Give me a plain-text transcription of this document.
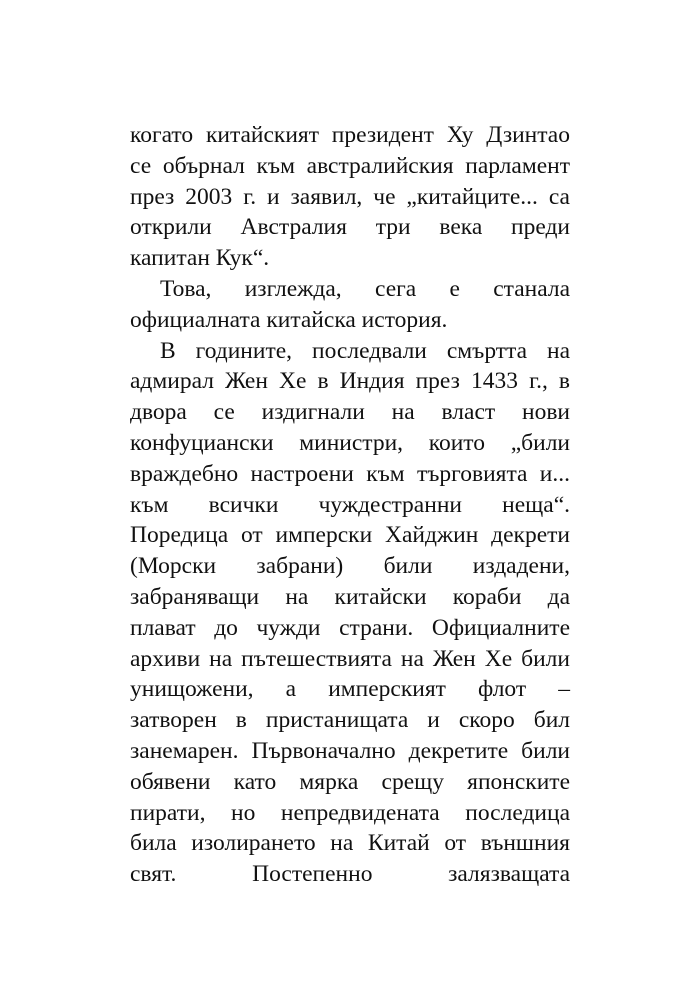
когато китайският президент Ху Дзинтао
се обърнал към австралийския парламент
през 2003 г. и заявил, че „китайците... са
открили Австралия три века преди
капитан Кук“.
Това, изглежда, сега е станала
официалната китайска история.
В годините, последвали смъртта на
адмирал Жен Хе в Индия през 1433 г., в
двора се издигнали на власт нови
конфуциански министри, които „били
враждебно настроени към търговията и...
към всички чуждестранни неща“.
Поредица от имперски Хайджин декрети
(Морски забрани) били издадени,
забраняващи на китайски кораби да
плават до чужди страни. Официалните
архиви на пътешествията на Жен Хе били
унищожени, а имперският флот –
затворен в пристанищата и скоро бил
занемарен. Първоначално декретите били
обявени като мярка срещу японските
пирати, но непредвидената последица
била изолирането на Китай от външния
свят. Постепенно залязващата
